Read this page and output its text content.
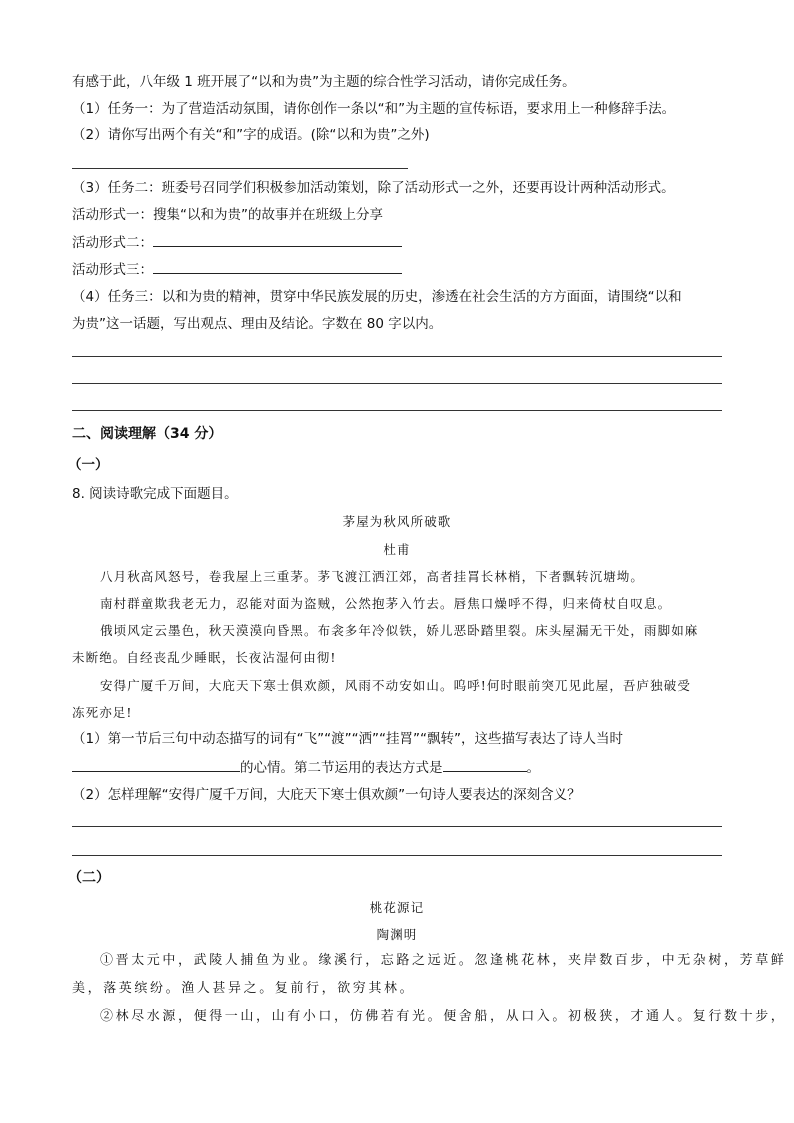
有感于此，八年级 1 班开展了“以和为贵”为主题的综合性学习活动，请你完成任务。
（1）任务一：为了营造活动氛围，请你创作一条以“和”为主题的宣传标语，要求用上一种修辞手法。
（2）请你写出两个有关“和”字的成语。(除“以和为贵”之外)
（3）任务二：班委号召同学们积极参加活动策划，除了活动形式一之外，还要再设计两种活动形式。
活动形式一：搜集“以和为贵”的故事并在班级上分享
活动形式二：
活动形式三：
（4）任务三：以和为贵的精神，贯穿中华民族发展的历史，渗透在社会生活的方方面面，请围绕“以和
为贵”这一话题，写出观点、理由及结论。字数在 80 字以内。
二、阅读理解（34 分）
（一）
8. 阅读诗歌完成下面题目。
茅屋为秋风所破歌
杜甫
八月秋高风怒号，卷我屋上三重茅。茅飞渡江洒江郊，高者挂罥长林梢，下者飘转沉塘坳。
南村群童欺我老无力，忍能对面为盗贼，公然抱茅入竹去。唇焦口燥呼不得，归来倚杖自叹息。
俄顷风定云墨色，秋天漠漠向昏黑。布衾多年冷似铁，娇儿恶卧踏里裂。床头屋漏无干处，雨脚如麻
未断绝。自经丧乱少睡眠，长夜沾湿何由彻!
安得广厦千万间，大庇天下寒士俱欢颜，风雨不动安如山。呜呼!何时眼前突兀见此屋，吾庐独破受
冻死亦足!
（1）第一节后三句中动态描写的词有“飞”“渡”“洒”“挂罥”“飘转”，这些描写表达了诗人当时
的心情。第二节运用的表达方式是	。
（2）怎样理解“安得广厦千万间，大庇天下寒士俱欢颜”一句诗人要表达的深刻含义？
（二）
桃花源记
陶渊明
①晋太元中，武陵人捕鱼为业。缘溪行，忘路之远近。忽逢桃花林，夹岸数百步，中无杂树，芳草鲜
美，落英缤纷。渔人甚异之。复前行，欲穷其林。
②林尽水源，便得一山，山有小口，仿佛若有光。便舍船，从口入。初极狭，才通人。复行数十步，
